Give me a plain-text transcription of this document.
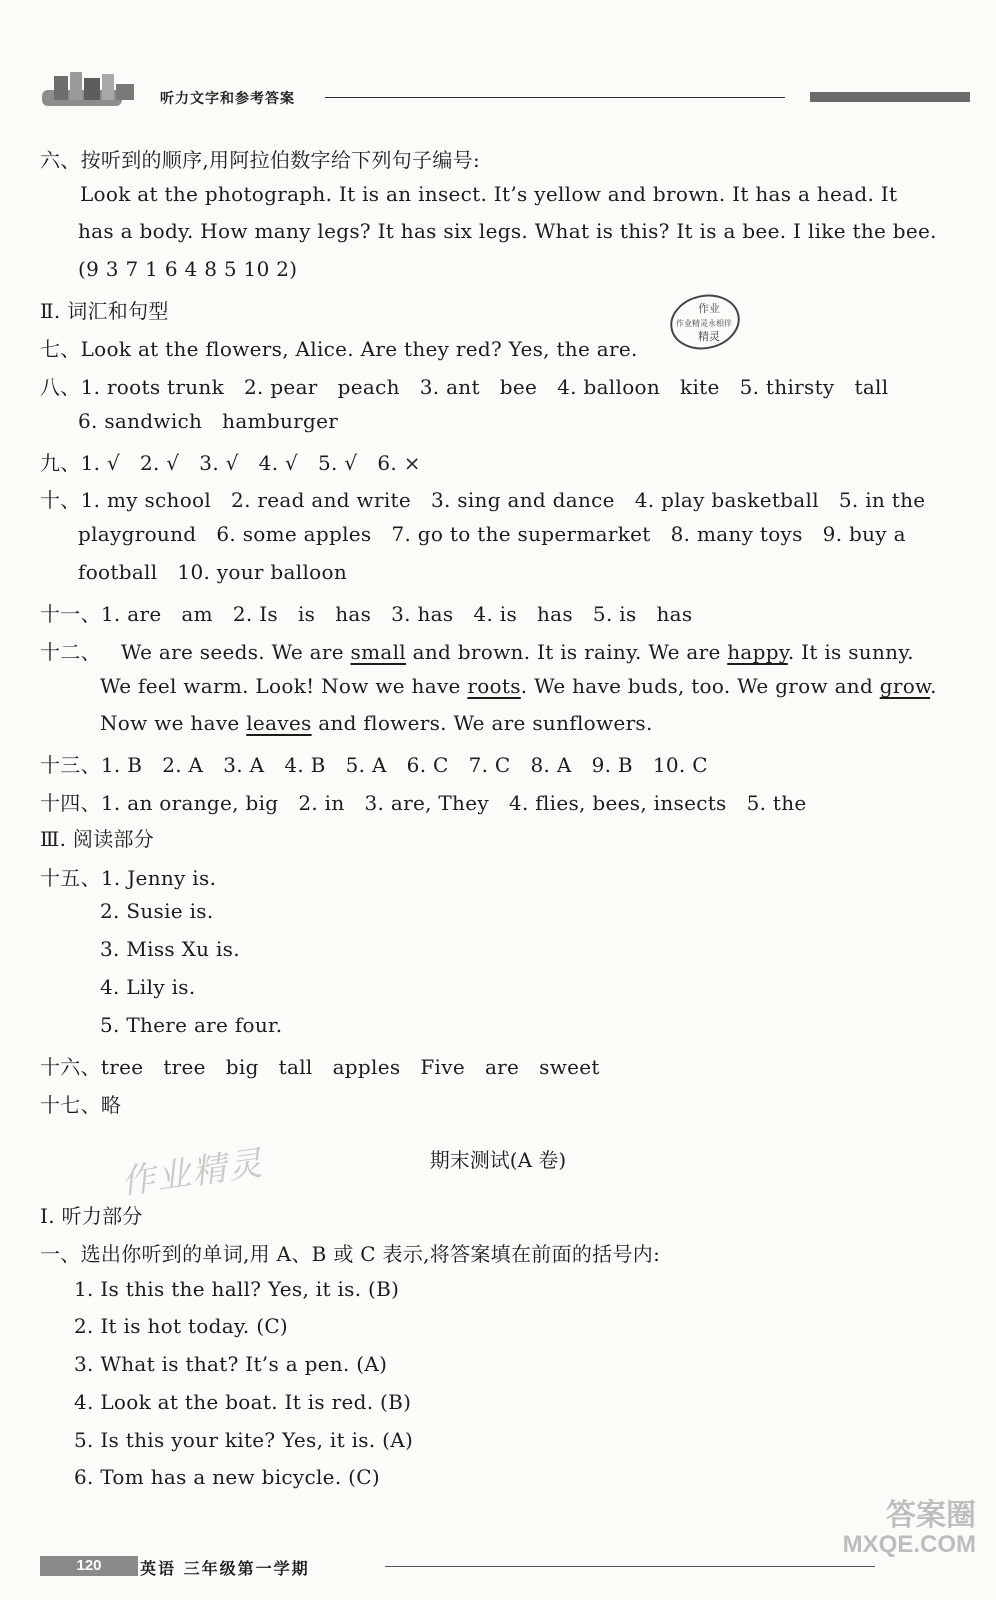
听力文字和参考答案
六、按听到的顺序,用阿拉伯数字给下列句子编号:
Look at the photograph. It is an insect. It’s yellow and brown. It has a head. It
has a body. How many legs? It has six legs. What is this? It is a bee. I like the bee.
(9 3 7 1 6 4 8 5 10 2)
Ⅱ. 词汇和句型
七、Look at the flowers, Alice. Are they red? Yes, the are.
八、1. roots trunk   2. pear   peach   3. ant   bee   4. balloon   kite   5. thirsty   tall
6. sandwich   hamburger
九、1. √   2. √   3. √   4. √   5. √   6. ×
十、1. my school   2. read and write   3. sing and dance   4. play basketball   5. in the
playground   6. some apples   7. go to the supermarket   8. many toys   9. buy a
football   10. your balloon
十一、1. are   am   2. Is   is   has   3. has   4. is   has   5. is   has
作业
作业精灵永相伴
精灵
十二、 We are seeds. We are small and brown. It is rainy. We are happy. It is sunny.
We feel warm. Look! Now we have roots. We have buds, too. We grow and grow.
Now we have leaves and flowers. We are sunflowers.
十三、1. B   2. A   3. A   4. B   5. A   6. C   7. C   8. A   9. B   10. C
十四、1. an orange, big   2. in   3. are, They   4. flies, bees, insects   5. the
Ⅲ. 阅读部分
十五、1. Jenny is.
2. Susie is.
3. Miss Xu is.
4. Lily is.
5. There are four.
十六、tree   tree   big   tall   apples   Five   are   sweet
十七、略
作业精灵	期末测试(A 卷)
Ⅰ. 听力部分
一、选出你听到的单词,用 A、B 或 C 表示,将答案填在前面的括号内:
1. Is this the hall? Yes, it is. (B)
2. It is hot today. (C)
3. What is that? It’s a pen. (A)
4. Look at the boat. It is red. (B)
5. Is this your kite? Yes, it is. (A)
6. Tom has a new bicycle. (C)
答案圈
MXQE.COM
120	英语 三年级第一学期
